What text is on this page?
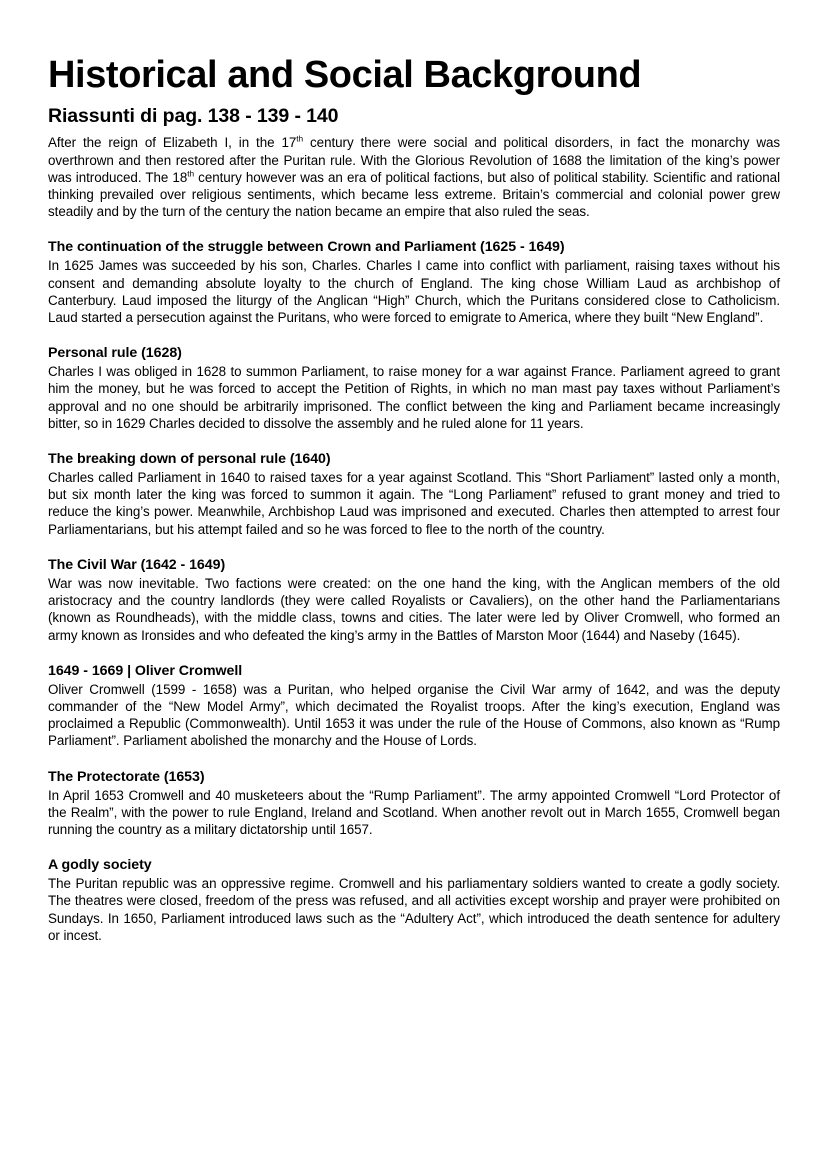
Historical and Social Background
Riassunti di pag. 138 - 139 - 140

After the reign of Elizabeth I, in the 17th century there were social and political disorders, in fact the monarchy was overthrown and then restored after the Puritan rule. With the Glorious Revolution of 1688 the limitation of the king’s power was introduced. The 18th century however was an era of political factions, but also of political stability. Scientific and rational thinking prevailed over religious sentiments, which became less extreme. Britain’s commercial and colonial power grew steadily and by the turn of the century the nation became an empire that also ruled the seas.

The continuation of the struggle between Crown and Parliament (1625 - 1649)

In 1625 James was succeeded by his son, Charles. Charles I came into conflict with parliament, raising taxes without his consent and demanding absolute loyalty to the church of England. The king chose William Laud as archbishop of Canterbury. Laud imposed the liturgy of the Anglican “High” Church, which the Puritans considered close to Catholicism. Laud started a persecution against the Puritans, who were forced to emigrate to America, where they built “New England”.

Personal rule (1628)

Charles I was obliged in 1628 to summon Parliament, to raise money for a war against France. Parliament agreed to grant him the money, but he was forced to accept the Petition of Rights, in which no man mast pay taxes without Parliament’s approval and no one should be arbitrarily imprisoned. The conflict between the king and Parliament became increasingly bitter, so in 1629 Charles decided to dissolve the assembly and he ruled alone for 11 years.

The breaking down of personal rule (1640)

Charles called Parliament in 1640 to raised taxes for a year against Scotland. This “Short Parliament” lasted only a month, but six month later the king was forced to summon it again. The “Long Parliament” refused to grant money and tried to reduce the king’s power. Meanwhile, Archbishop Laud was imprisoned and executed. Charles then attempted to arrest four Parliamentarians, but his attempt failed and so he was forced to flee to the north of the country.

The Civil War (1642 - 1649)

War was now inevitable. Two factions were created: on the one hand the king, with the Anglican members of the old aristocracy and the country landlords (they were called Royalists or Cavaliers), on the other hand the Parliamentarians (known as Roundheads), with the middle class, towns and cities. The later were led by Oliver Cromwell, who formed an army known as Ironsides and who defeated the king’s army in the Battles of Marston Moor (1644) and Naseby (1645).

1649 - 1669 | Oliver Cromwell

Oliver Cromwell (1599 - 1658) was a Puritan, who helped organise the Civil War army of 1642, and was the deputy commander of the “New Model Army”, which decimated the Royalist troops. After the king’s execution, England was proclaimed a Republic (Commonwealth). Until 1653 it was under the rule of the House of Commons, also known as “Rump Parliament”. Parliament abolished the monarchy and the House of Lords.

The Protectorate (1653)

In April 1653 Cromwell and 40 musketeers about the “Rump Parliament”. The army appointed Cromwell “Lord Protector of the Realm”, with the power to rule England, Ireland and Scotland. When another revolt out in March 1655, Cromwell began running the country as a military dictatorship until 1657.

A godly society

The Puritan republic was an oppressive regime. Cromwell and his parliamentary soldiers wanted to create a godly society. The theatres were closed, freedom of the press was refused, and all activities except worship and prayer were prohibited on Sundays. In 1650, Parliament introduced laws such as the “Adultery Act”, which introduced the death sentence for adultery or incest.
